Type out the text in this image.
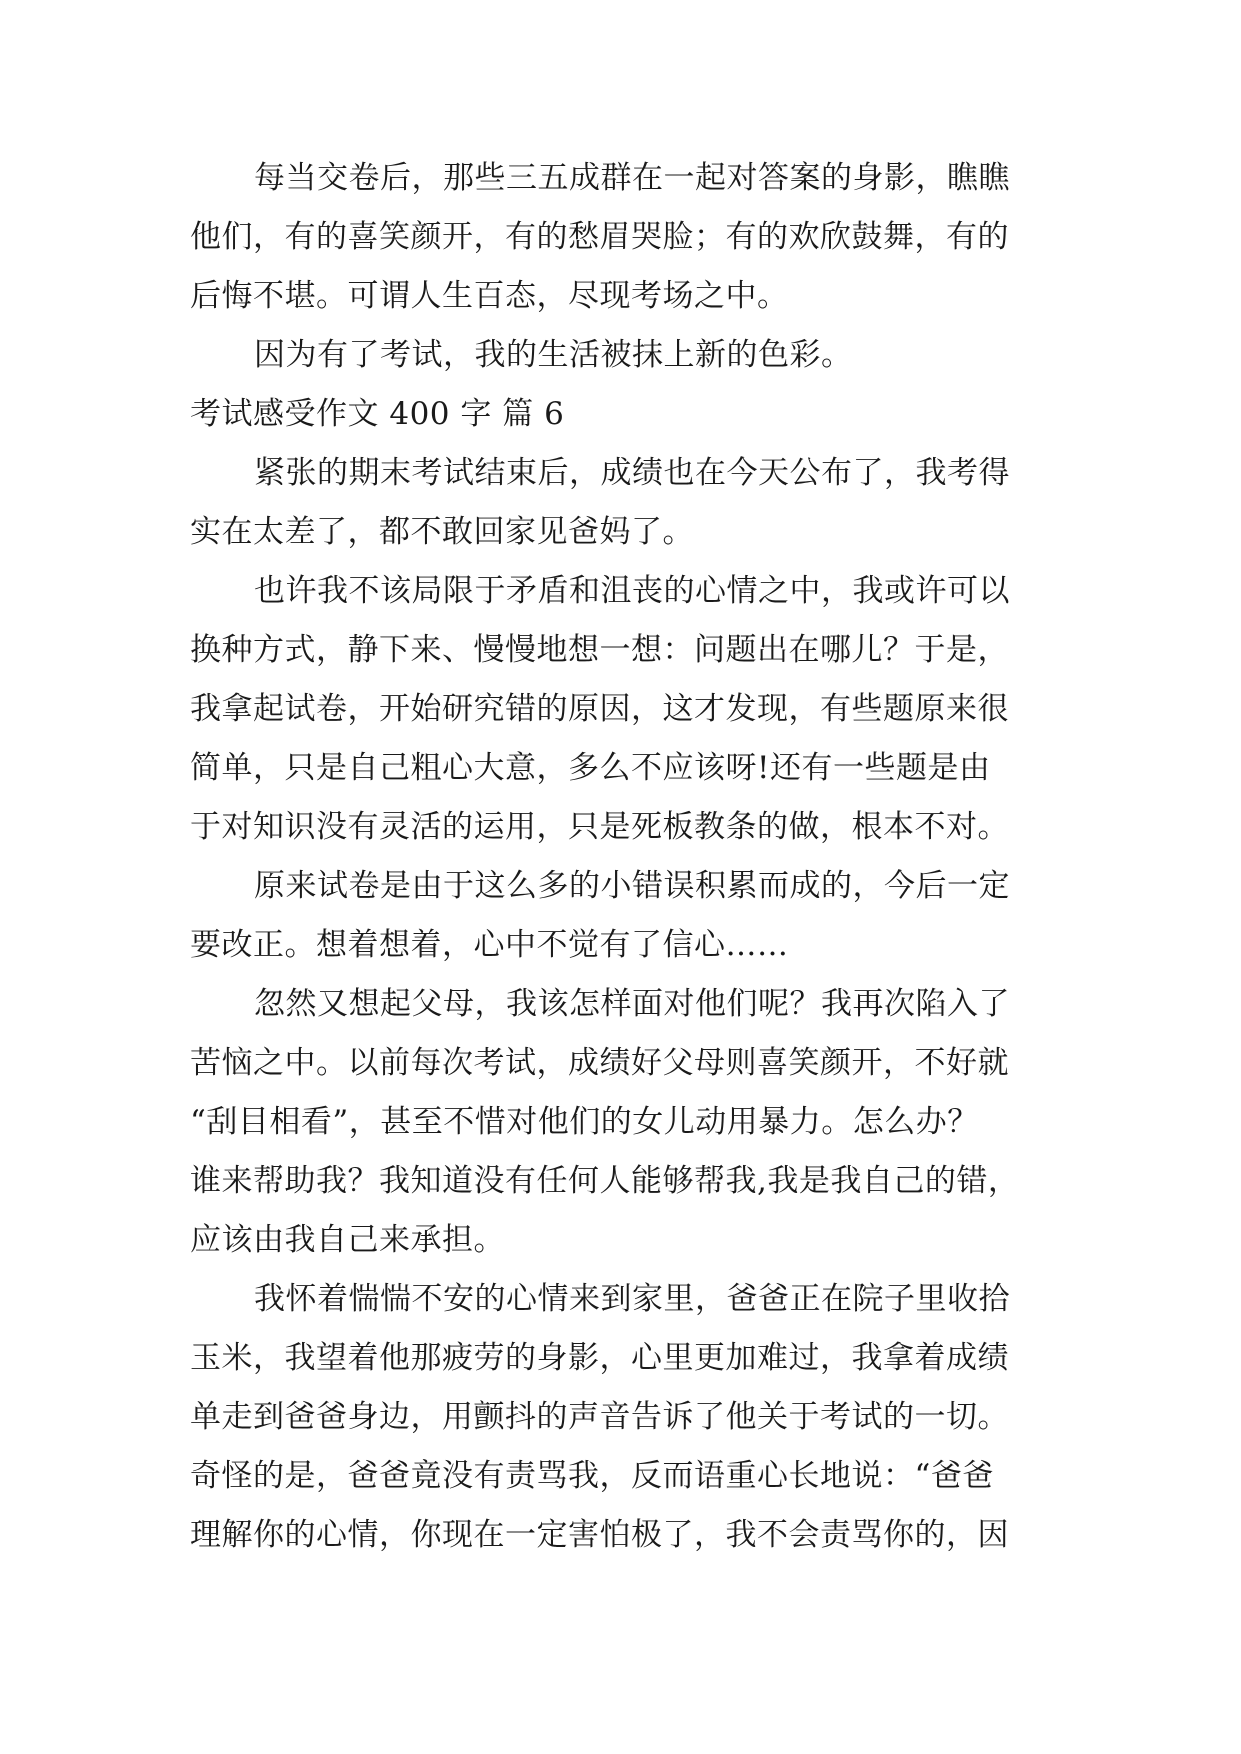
每当交卷后，那些三五成群在一起对答案的身影，瞧瞧
他们，有的喜笑颜开，有的愁眉哭脸；有的欢欣鼓舞，有的
后悔不堪。可谓人生百态，尽现考场之中。
因为有了考试，我的生活被抹上新的色彩。
考试感受作文 400 字 篇 6
紧张的期末考试结束后，成绩也在今天公布了，我考得
实在太差了，都不敢回家见爸妈了。
也许我不该局限于矛盾和沮丧的心情之中，我或许可以
换种方式，静下来、慢慢地想一想：问题出在哪儿？于是，
我拿起试卷，开始研究错的原因，这才发现，有些题原来很
简单，只是自己粗心大意，多么不应该呀!还有一些题是由
于对知识没有灵活的运用，只是死板教条的做，根本不对。
原来试卷是由于这么多的小错误积累而成的，今后一定
要改正。想着想着，心中不觉有了信心……
忽然又想起父母，我该怎样面对他们呢？我再次陷入了
苦恼之中。以前每次考试，成绩好父母则喜笑颜开，不好就
“刮目相看”，甚至不惜对他们的女儿动用暴力。怎么办？
谁来帮助我？我知道没有任何人能够帮我,我是我自己的错，
应该由我自己来承担。
我怀着惴惴不安的心情来到家里，爸爸正在院子里收拾
玉米，我望着他那疲劳的身影，心里更加难过，我拿着成绩
单走到爸爸身边，用颤抖的声音告诉了他关于考试的一切。
奇怪的是，爸爸竟没有责骂我，反而语重心长地说：“爸爸
理解你的心情，你现在一定害怕极了，我不会责骂你的，因
